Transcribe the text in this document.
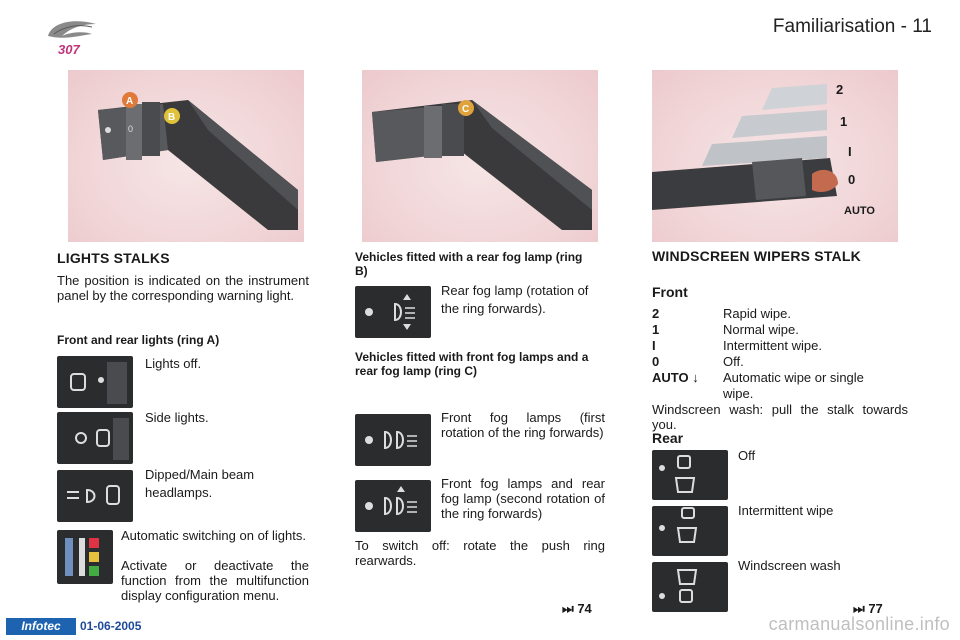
307
Familiarisation - 11
0
A
B
C
2
1
I
0
AUTO
LIGHTS STALKS
The position is indicated on the instrument panel by the corresponding warning light.
Front and rear lights (ring A)
Lights off.
Side lights.
Dipped/Main beam headlamps.
Automatic switching on of lights.
Activate or deactivate the function from the multifunction display configuration menu.
Vehicles fitted with a rear fog lamp (ring B)
Rear fog lamp (rotation of the ring forwards).
Vehicles fitted with front fog lamps and a rear fog lamp (ring C)
Front fog lamps (first rotation of the ring forwards)
Front fog lamps and rear fog lamp (second rotation of the ring forwards)
To switch off: rotate the push ring rearwards.
⏭ 74
WINDSCREEN WIPERS STALK
Front
2	Rapid wipe.
1	Normal wipe.
I	Intermittent wipe.
0	Off.
AUTO ↓ Automatic wipe or single wipe.
Windscreen wash: pull the stalk towards you.
Rear
Off
Intermittent wipe
Windscreen wash
⏭ 77
Infotec	01-06-2005	carmanualsonline.info
